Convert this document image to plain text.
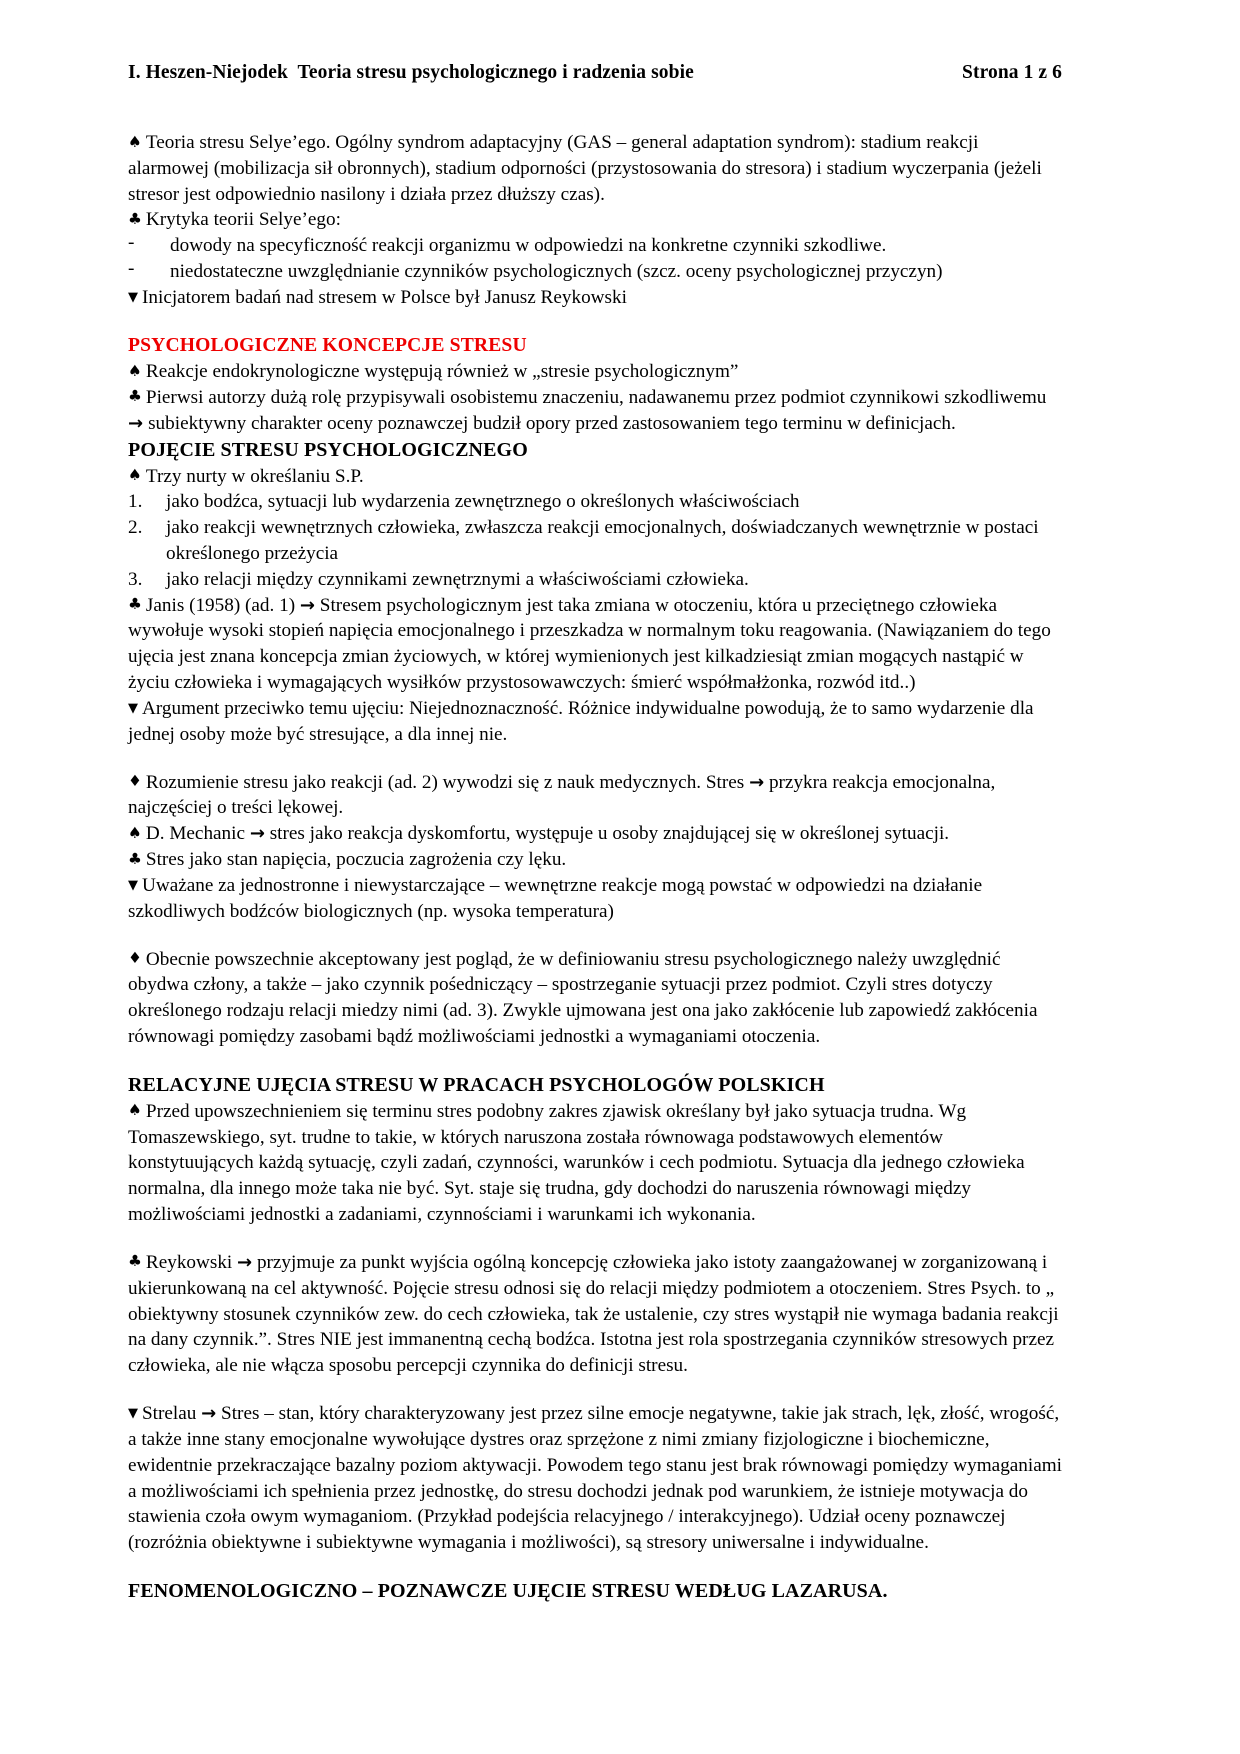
I. Heszen-Niejodek  Teoria stresu psychologicznego i radzenia sobie	Strona 1 z 6

♠ Teoria stresu Selye’ego. Ogólny syndrom adaptacyjny (GAS – general adaptation syndrom): stadium reakcji alarmowej (mobilizacja sił obronnych), stadium odporności (przystosowania do stresora) i stadium wyczerpania (jeżeli stresor jest odpowiednio nasilony i działa przez dłuższy czas).

♣ Krytyka teorii Selye’ego:

-	dowody na specyficzność reakcji organizmu w odpowiedzi na konkretne czynniki szkodliwe.
-	niedostateczne uwzględnianie czynników psychologicznych (szcz. oceny psychologicznej przyczyn)

▼ Inicjatorem badań nad stresem w Polsce był Janusz Reykowski

PSYCHOLOGICZNE KONCEPCJE STRESU

♠ Reakcje endokrynologiczne występują również w „stresie psychologicznym”

♣ Pierwsi autorzy dużą rolę przypisywali osobistemu znaczeniu, nadawanemu przez podmiot czynnikowi szkodliwemu

→ subiektywny charakter oceny poznawczej budził opory przed zastosowaniem tego terminu w definicjach.

POJĘCIE STRESU PSYCHOLOGICZNEGO

♠ Trzy nurty w określaniu S.P.

1.	jako bodźca, sytuacji lub wydarzenia zewnętrznego o określonych właściwościach
2.	jako reakcji wewnętrznych człowieka, zwłaszcza reakcji emocjonalnych, doświadczanych wewnętrznie w postaci określonego przeżycia
3.	jako relacji między czynnikami zewnętrznymi a właściwościami człowieka.

♣ Janis (1958) (ad. 1) → Stresem psychologicznym jest taka zmiana w otoczeniu, która u przeciętnego człowieka wywołuje wysoki stopień napięcia emocjonalnego i przeszkadza w normalnym toku reagowania. (Nawiązaniem do tego ujęcia jest znana koncepcja zmian życiowych, w której wymienionych jest kilkadziesiąt zmian mogących nastąpić w życiu człowieka i wymagających wysiłków przystosowawczych: śmierć współmałżonka, rozwód itd..)

▼ Argument przeciwko temu ujęciu: Niejednoznaczność. Różnice indywidualne powodują, że to samo wydarzenie dla jednej osoby może być stresujące, a dla innej nie.

♦ Rozumienie stresu jako reakcji (ad. 2) wywodzi się z nauk medycznych. Stres → przykra reakcja emocjonalna, najczęściej o treści lękowej.

♠ D. Mechanic → stres jako reakcja dyskomfortu, występuje u osoby znajdującej się w określonej sytuacji.

♣ Stres jako stan napięcia, poczucia zagrożenia czy lęku.

▼ Uważane za jednostronne i niewystarczające – wewnętrzne reakcje mogą powstać w odpowiedzi na działanie szkodliwych bodźców biologicznych (np. wysoka temperatura)

♦ Obecnie powszechnie akceptowany jest pogląd, że w definiowaniu stresu psychologicznego należy uwzględnić obydwa człony, a także – jako czynnik pośedniczący – spostrzeganie sytuacji przez podmiot. Czyli stres dotyczy określonego rodzaju relacji miedzy nimi (ad. 3). Zwykle ujmowana jest ona jako zakłócenie lub zapowiedź zakłócenia równowagi pomiędzy zasobami bądź możliwościami jednostki a wymaganiami otoczenia.

RELACYJNE UJĘCIA STRESU W PRACACH PSYCHOLOGÓW POLSKICH

♠ Przed upowszechnieniem się terminu stres podobny zakres zjawisk określany był jako sytuacja trudna. Wg Tomaszewskiego, syt. trudne to takie, w których naruszona została równowaga podstawowych elementów konstytuujących każdą sytuację, czyli zadań, czynności, warunków i cech podmiotu. Sytuacja dla jednego człowieka normalna, dla innego może taka nie być. Syt. staje się trudna, gdy dochodzi do naruszenia równowagi między możliwościami jednostki a zadaniami, czynnościami i warunkami ich wykonania.

♣ Reykowski → przyjmuje za punkt wyjścia ogólną koncepcję człowieka jako istoty zaangażowanej w zorganizowaną i ukierunkowaną na cel aktywność. Pojęcie stresu odnosi się do relacji między podmiotem a otoczeniem. Stres Psych. to „ obiektywny stosunek czynników zew. do cech człowieka, tak że ustalenie, czy stres wystąpił nie wymaga badania reakcji na dany czynnik.”. Stres NIE jest immanentną cechą bodźca. Istotna jest rola spostrzegania czynników stresowych przez człowieka, ale nie włącza sposobu percepcji czynnika do definicji stresu.

▼ Strelau → Stres – stan, który charakteryzowany jest przez silne emocje negatywne, takie jak strach, lęk, złość, wrogość, a także inne stany emocjonalne wywołujące dystres oraz sprzężone z nimi zmiany fizjologiczne i biochemiczne, ewidentnie przekraczające bazalny poziom aktywacji. Powodem tego stanu jest brak równowagi pomiędzy wymaganiami a możliwościami ich spełnienia przez jednostkę, do stresu dochodzi jednak pod warunkiem, że istnieje motywacja do stawienia czoła owym wymaganiom. (Przykład podejścia relacyjnego / interakcyjnego). Udział oceny poznawczej (rozróżnia obiektywne i subiektywne wymagania i możliwości), są stresory uniwersalne i indywidualne.

FENOMENOLOGICZNO – POZNAWCZE UJĘCIE STRESU WEDŁUG LAZARUSA.
